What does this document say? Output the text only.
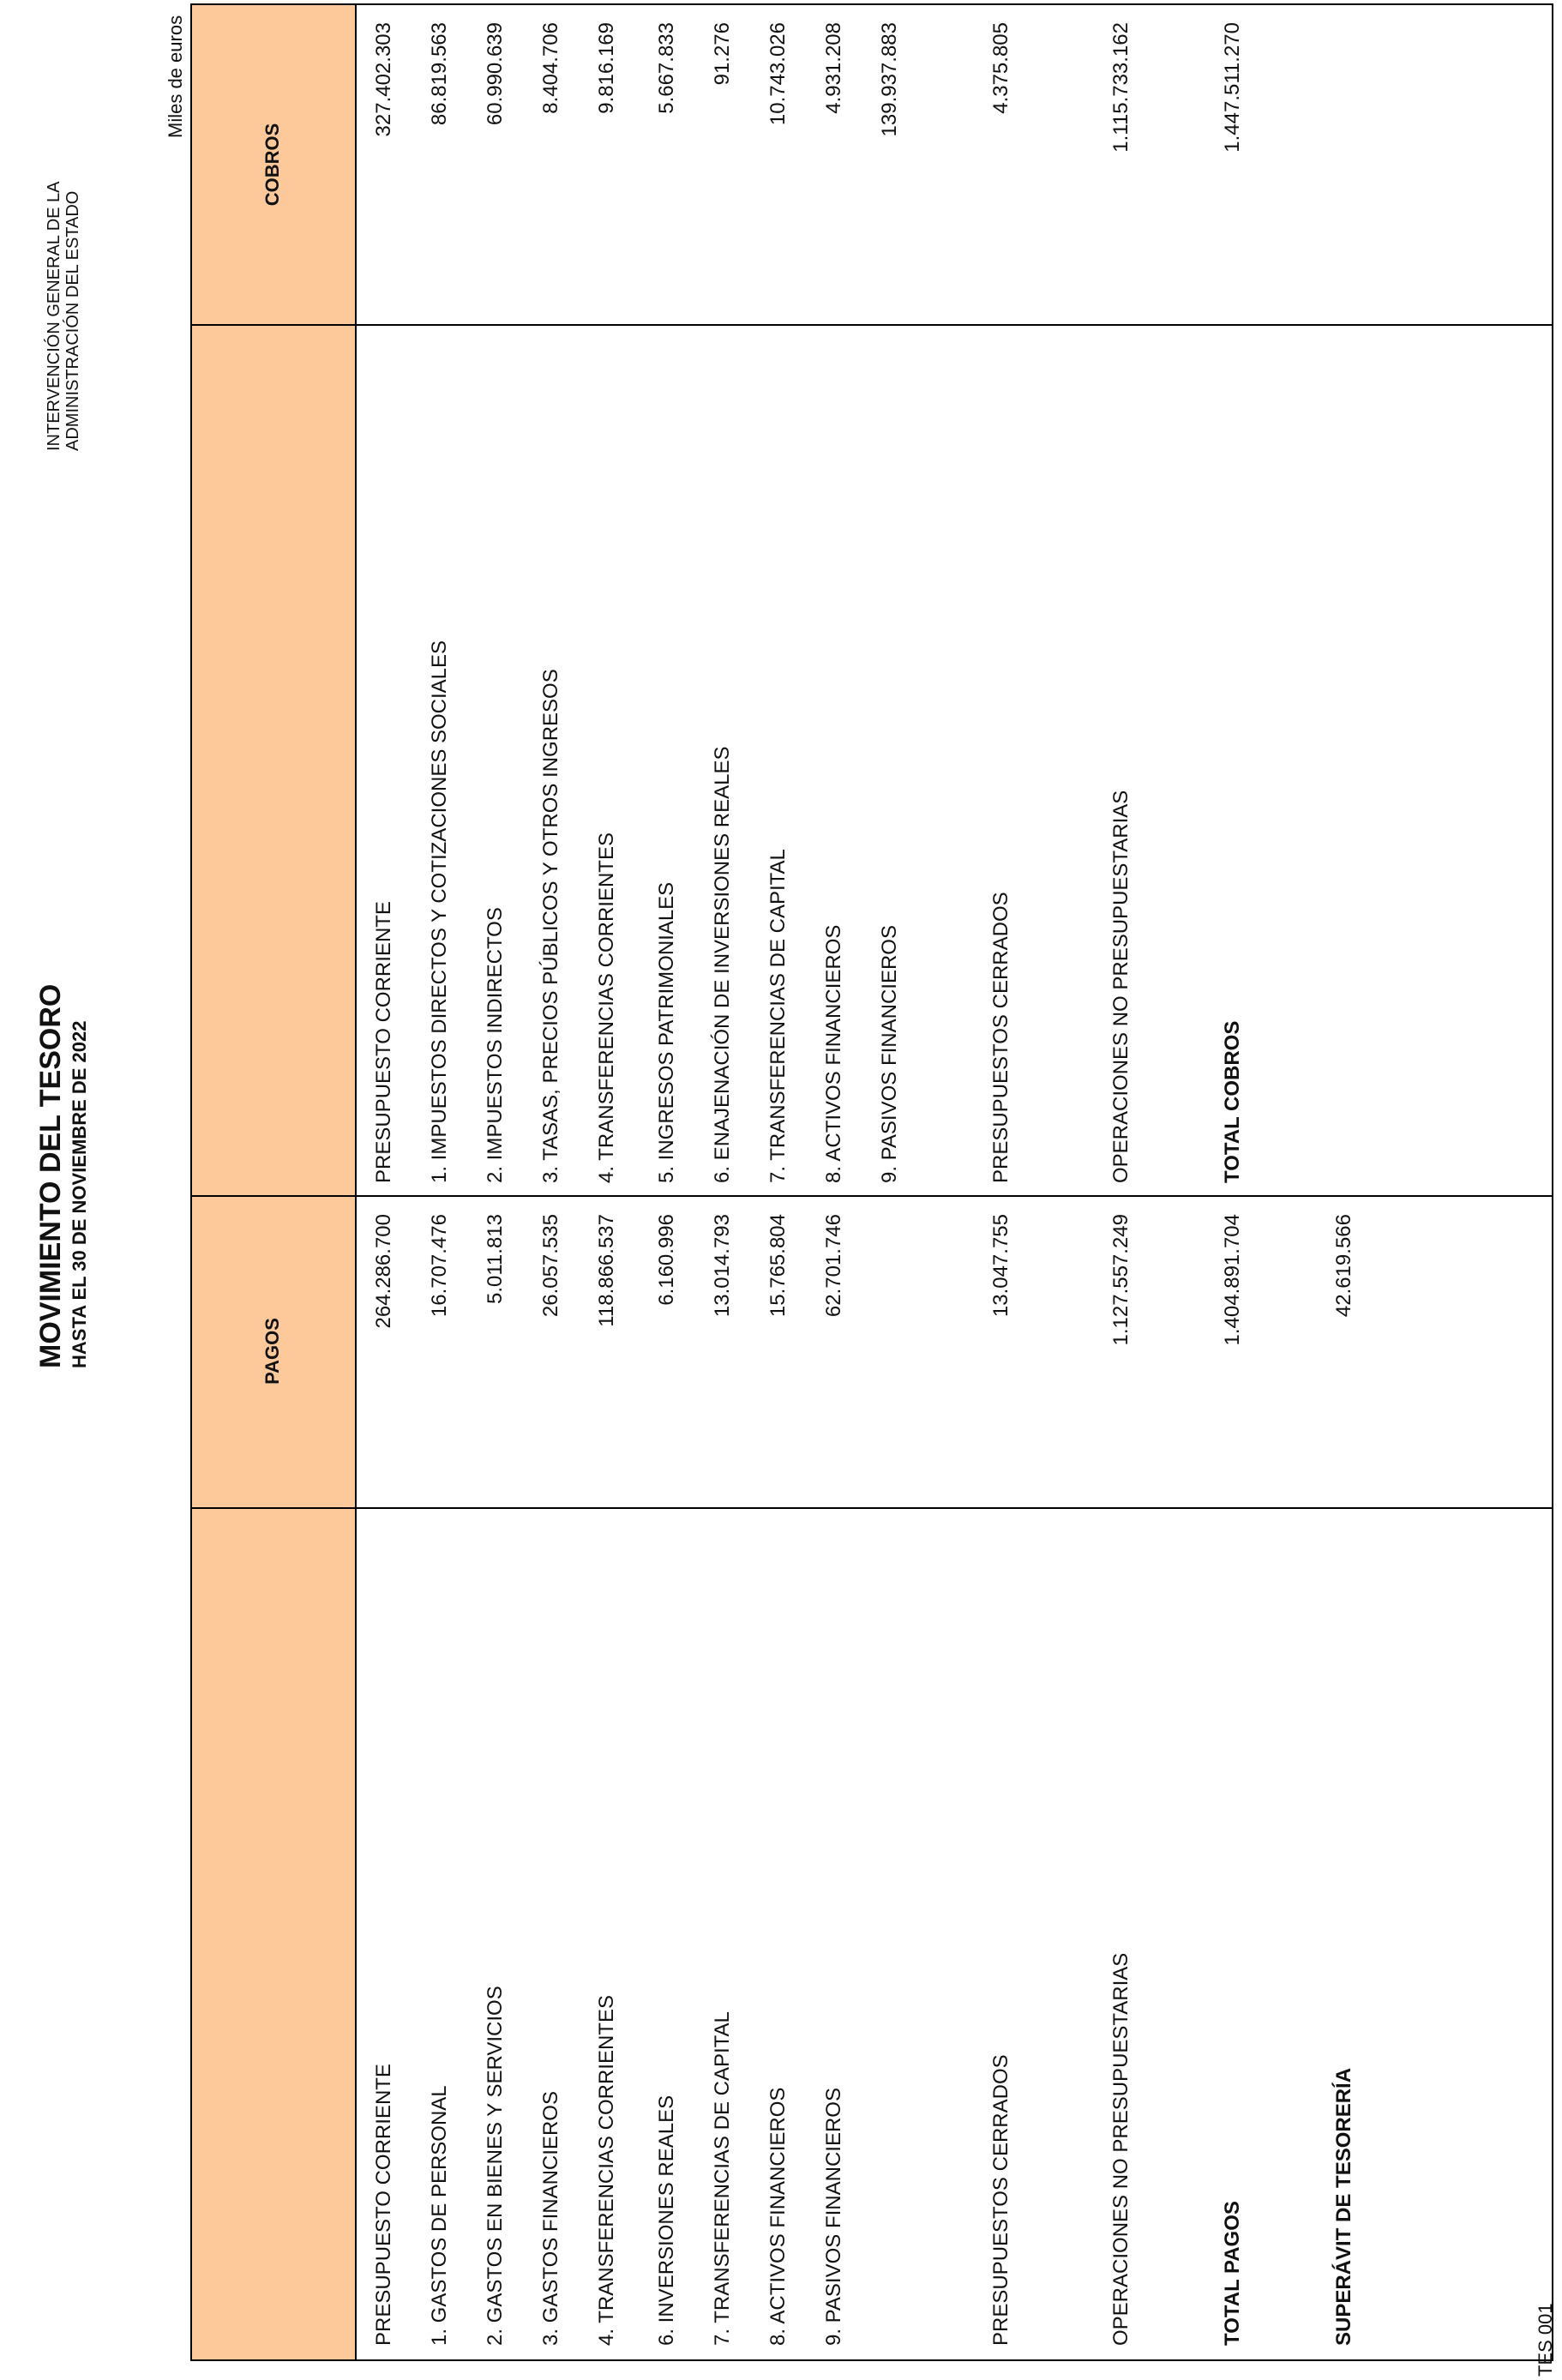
MOVIMIENTO DEL TESORO HASTA EL 30 DE NOVIEMBRE DE 2022
INTERVENCIÓN GENERAL DE LA ADMINISTRACIÓN DEL ESTADO
Miles de euros
PAGOS
COBROS
PRESUPUESTO CORRIENTE
264.286.700
1. GASTOS DE PERSONAL
16.707.476
2. GASTOS EN BIENES Y SERVICIOS
5.011.813
3. GASTOS FINANCIEROS
26.057.535
4. TRANSFERENCIAS CORRIENTES
118.866.537
6. INVERSIONES REALES
6.160.996
7. TRANSFERENCIAS DE CAPITAL
13.014.793
8. ACTIVOS FINANCIEROS
15.765.804
9. PASIVOS FINANCIEROS
62.701.746
PRESUPUESTOS CERRADOS
13.047.755
OPERACIONES NO PRESUPUESTARIAS
1.127.557.249
TOTAL PAGOS
1.404.891.704
SUPERÁVIT DE TESORERÍA
42.619.566
PRESUPUESTO CORRIENTE
327.402.303
1. IMPUESTOS DIRECTOS Y COTIZACIONES SOCIALES
86.819.563
2. IMPUESTOS INDIRECTOS
60.990.639
3. TASAS, PRECIOS PÚBLICOS Y OTROS INGRESOS
8.404.706
4. TRANSFERENCIAS CORRIENTES
9.816.169
5. INGRESOS PATRIMONIALES
5.667.833
6. ENAJENACIÓN DE INVERSIONES REALES
91.276
7. TRANSFERENCIAS DE CAPITAL
10.743.026
8. ACTIVOS FINANCIEROS
4.931.208
9. PASIVOS FINANCIEROS
139.937.883
PRESUPUESTOS CERRADOS
4.375.805
OPERACIONES NO PRESUPUESTARIAS
1.115.733.162
TOTAL COBROS
1.447.511.270
TES 001
